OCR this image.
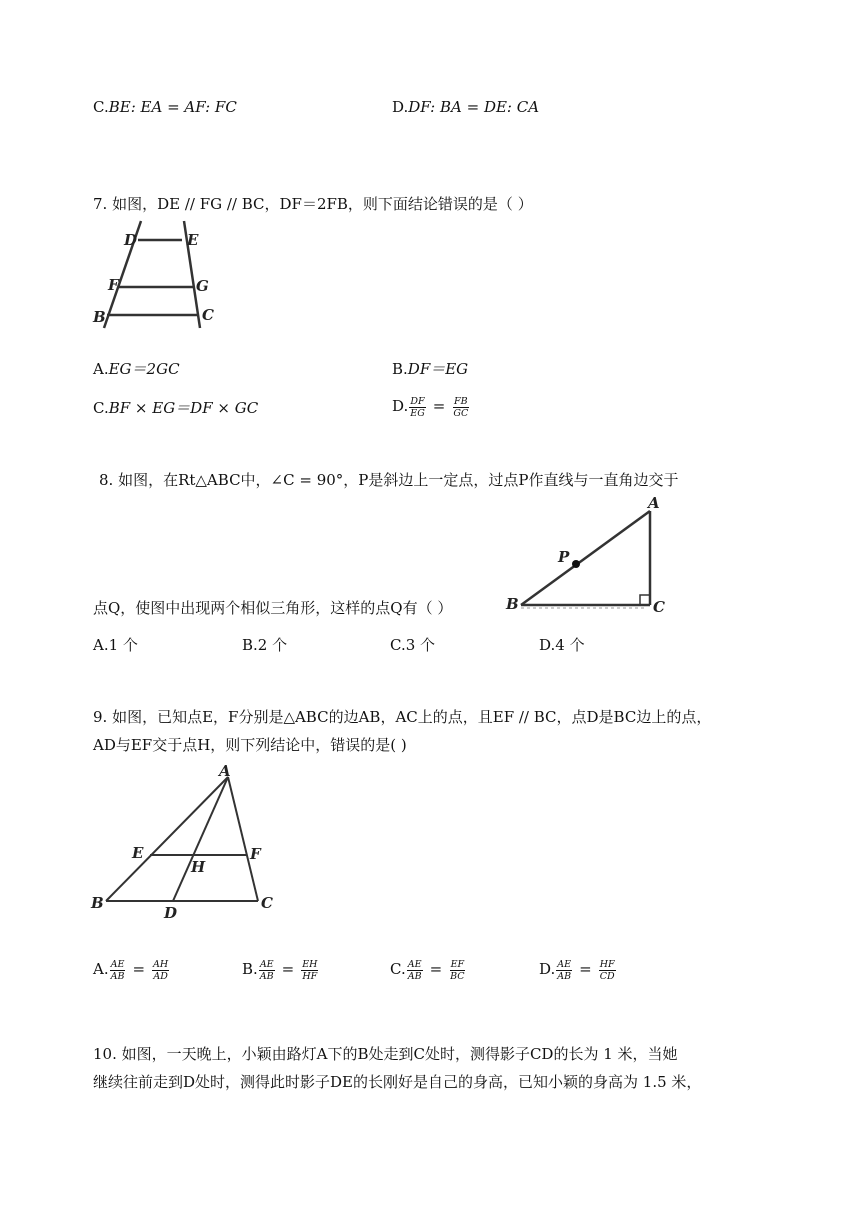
C.BE: EA = AF: FC	D.DF: BA = DE: CA
7. 如图，DE // FG // BC，DF＝2FB，则下面结论错误的是（ ）
D	E
F	G
B	C
A.EG＝2GC	B.DF＝EG
C.BF × EG＝DF × GC	D. $\frac{DF}{EG} = \frac{FB}{GC}$
8. 如图，在Rt△ABC中，∠C = 90°，P是斜边上一定点，过点P作直线与一直角边交于
A
P
B	C
点Q，使图中出现两个相似三角形，这样的点Q有（ ）
A.1 个	B.2 个	C.3 个	D.4 个
9. 如图，已知点E，F分别是△ABC的边AB，AC上的点，且EF // BC，点D是BC边上的点，
AD与EF交于点H，则下列结论中，错误的是( )
A
E
H
F
B
D
C
A. $\frac{AE}{AB} = \frac{AH}{AD}$	B. $\frac{AE}{AB} = \frac{EH}{HF}$	C. $\frac{AE}{AB} = \frac{EF}{BC}$	D. $\frac{AE}{AB} = \frac{HF}{CD}$
10. 如图，一天晚上，小颖由路灯A下的B处走到C处时，测得影子CD的长为 1 米，当她
继续往前走到D处时，测得此时影子DE的长刚好是自己的身高，已知小颖的身高为 1.5 米，
